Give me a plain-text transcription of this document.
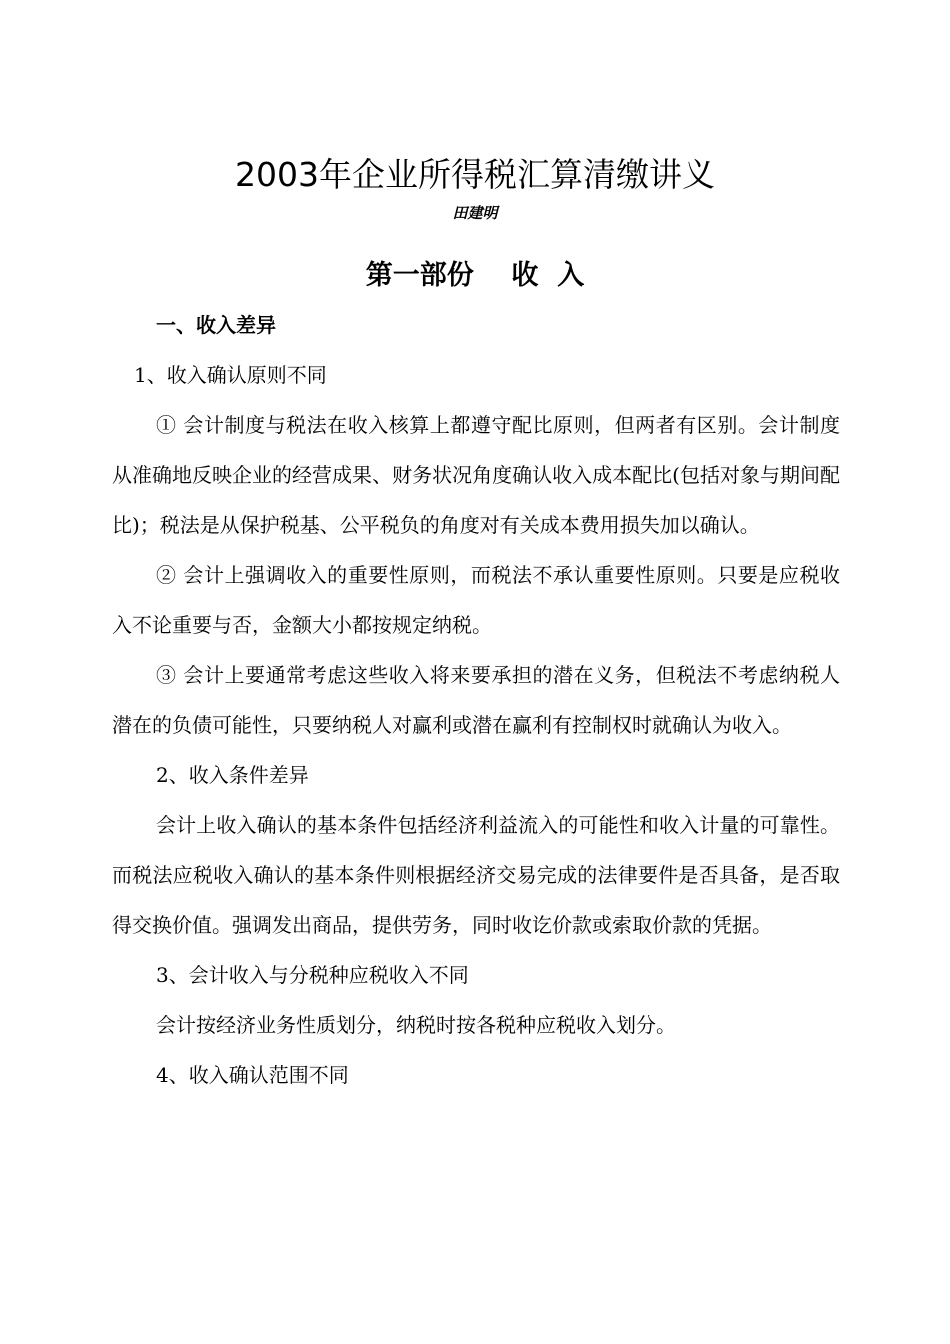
2003年企业所得税汇算清缴讲义
田建明
第一部份    收  入
一、收入差异

1、收入确认原则不同

① 会计制度与税法在收入核算上都遵守配比原则，但两者有区别。会计制度从准确地反映企业的经营成果、财务状况角度确认收入成本配比(包括对象与期间配比)；税法是从保护税基、公平税负的角度对有关成本费用损失加以确认。

② 会计上强调收入的重要性原则，而税法不承认重要性原则。只要是应税收入不论重要与否，金额大小都按规定纳税。

③ 会计上要通常考虑这些收入将来要承担的潜在义务，但税法不考虑纳税人潜在的负债可能性，只要纳税人对赢利或潜在赢利有控制权时就确认为收入。

2、收入条件差异

会计上收入确认的基本条件包括经济利益流入的可能性和收入计量的可靠性。而税法应税收入确认的基本条件则根据经济交易完成的法律要件是否具备，是否取得交换价值。强调发出商品，提供劳务，同时收讫价款或索取价款的凭据。

3、会计收入与分税种应税收入不同

会计按经济业务性质划分，纳税时按各税种应税收入划分。

4、收入确认范围不同
